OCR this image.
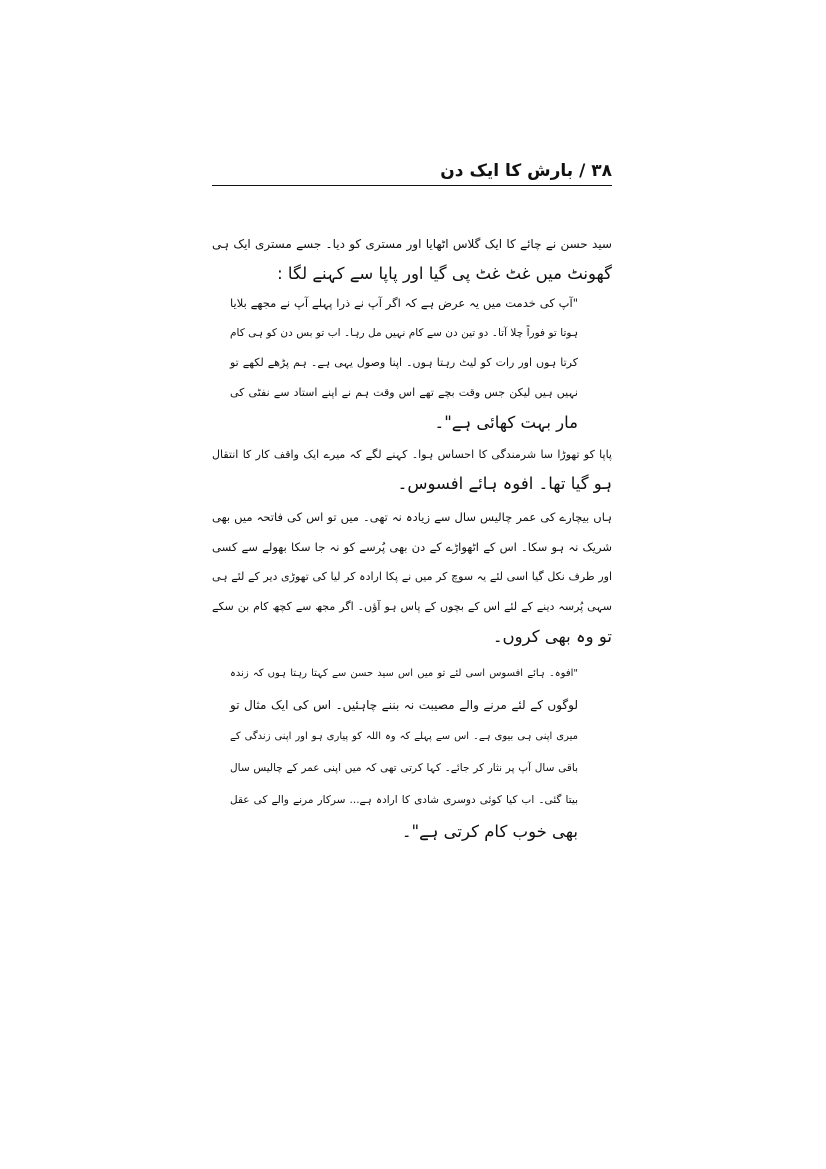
۳۸ / بارش کا ایک دن
سید حسن نے چائے کا ایک گلاس اٹھایا اور مستری کو دیا۔ جسے مستری ایک ہی
گھونٹ میں غٹ غٹ پی گیا اور پاپا سے کہنے لگا :
"آپ کی خدمت میں یہ عرض ہے کہ اگر آپ نے ذرا پہلے آپ نے مجھے بلایا
ہوتا تو فوراً چلا آتا۔ دو تین دن سے کام نہیں مل رہا۔ اب تو بس دن کو ہی کام
کرتا ہوں اور رات کو لیٹ رہتا ہوں۔ اپنا وصول یہی ہے۔ ہم پڑھے لکھے تو
نہیں ہیں لیکن جس وقت بچے تھے اس وقت ہم نے اپنے استاد سے نفٹی کی
مار بہت کھائی ہے"۔
پاپا کو تھوڑا سا شرمندگی کا احساس ہوا۔ کہنے لگے کہ میرے ایک واقف کار کا انتقال
ہو گیا تھا۔ افوہ ہائے افسوس۔
ہاں بیچارے کی عمر چالیس سال سے زیادہ نہ تھی۔ میں تو اس کی فاتحہ میں بھی
شریک نہ ہو سکا۔ اس کے اٹھواڑے کے دن بھی پُرسے کو نہ جا سکا بھولے سے کسی
اور طرف نکل گیا اسی لئے یہ سوچ کر میں نے پکا ارادہ کر لیا کی تھوڑی دیر کے لئے ہی
سہی پُرسہ دینے کے لئے اس کے بچوں کے پاس ہو آؤں۔ اگر مجھ سے کچھ کام بن سکے
تو وہ بھی کروں۔
"افوہ۔ ہائے افسوس اسی لئے تو میں اس سید حسن سے کہتا رہتا ہوں کہ زندہ
لوگوں کے لئے مرنے والے مصیبت نہ بننے چاہئیں۔ اس کی ایک مثال تو
میری اپنی ہی بیوی ہے۔ اس سے پہلے کہ وہ اللہ کو پیاری ہو اور اپنی زندگی کے
باقی سال آپ پر نثار کر جائے۔ کہا کرتی تھی کہ میں اپنی عمر کے چالیس سال
بیتا گئی۔ اب کیا کوئی دوسری شادی کا ارادہ ہے... سرکار مرنے والے کی عقل
بھی خوب کام کرتی ہے"۔
